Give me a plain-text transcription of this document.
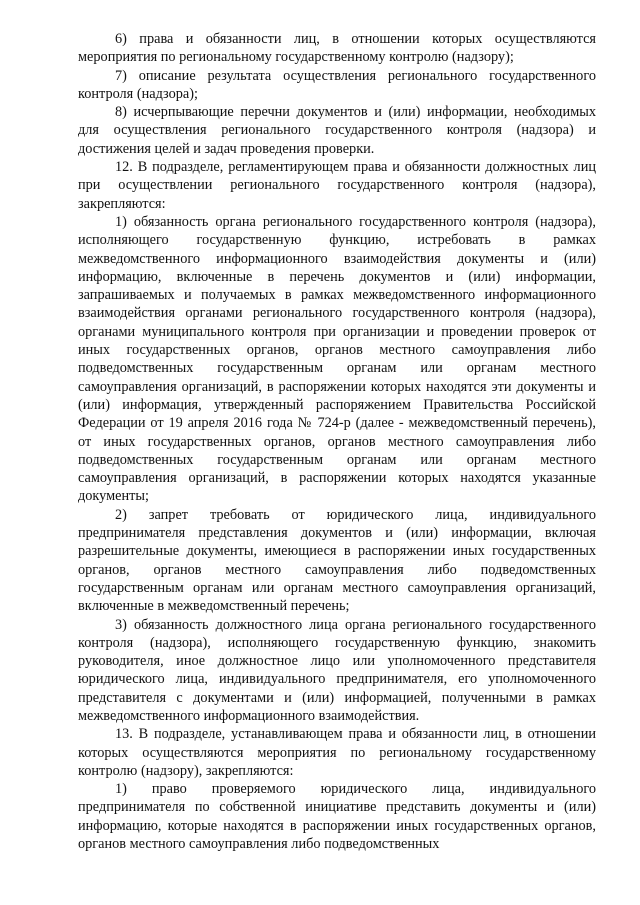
6) права и обязанности лиц, в отношении которых осуществляются мероприятия по региональному государственному контролю (надзору);

7) описание результата осуществления регионального государственного контроля (надзора);

8) исчерпывающие перечни документов и (или) информации, необходимых для осуществления регионального государственного контроля (надзора) и достижения целей и задач проведения проверки.

12. В подразделе, регламентирующем права и обязанности должностных лиц при осуществлении регионального государственного контроля (надзора), закрепляются:

1) обязанность органа регионального государственного контроля (надзора), исполняющего государственную функцию, истребовать в рамках межведомственного информационного взаимодействия документы и (или) информацию, включенные в перечень документов и (или) информации, запрашиваемых и получаемых в рамках межведомственного информационного взаимодействия органами регионального государственного контроля (надзора), органами муниципального контроля при организации и проведении проверок от иных государственных органов, органов местного самоуправления либо подведомственных государственным органам или органам местного самоуправления организаций, в распоряжении которых находятся эти документы и (или) информация, утвержденный распоряжением Правительства Российской Федерации от 19 апреля 2016 года № 724-р (далее - межведомственный перечень), от иных государственных органов, органов местного самоуправления либо подведомственных государственным органам или органам местного самоуправления организаций, в распоряжении которых находятся указанные документы;

2) запрет требовать от юридического лица, индивидуального предпринимателя представления документов и (или) информации, включая разрешительные документы, имеющиеся в распоряжении иных государственных органов, органов местного самоуправления либо подведомственных государственным органам или органам местного самоуправления организаций, включенные в межведомственный перечень;

3) обязанность должностного лица органа регионального государственного контроля (надзора), исполняющего государственную функцию, знакомить руководителя, иное должностное лицо или уполномоченного представителя юридического лица, индивидуального предпринимателя, его уполномоченного представителя с документами и (или) информацией, полученными в рамках межведомственного информационного взаимодействия.

13. В подразделе, устанавливающем права и обязанности лиц, в отношении которых осуществляются мероприятия по региональному государственному контролю (надзору), закрепляются:

1) право проверяемого юридического лица, индивидуального предпринимателя по собственной инициативе представить документы и (или) информацию, которые находятся в распоряжении иных государственных органов, органов местного самоуправления либо подведомственных
